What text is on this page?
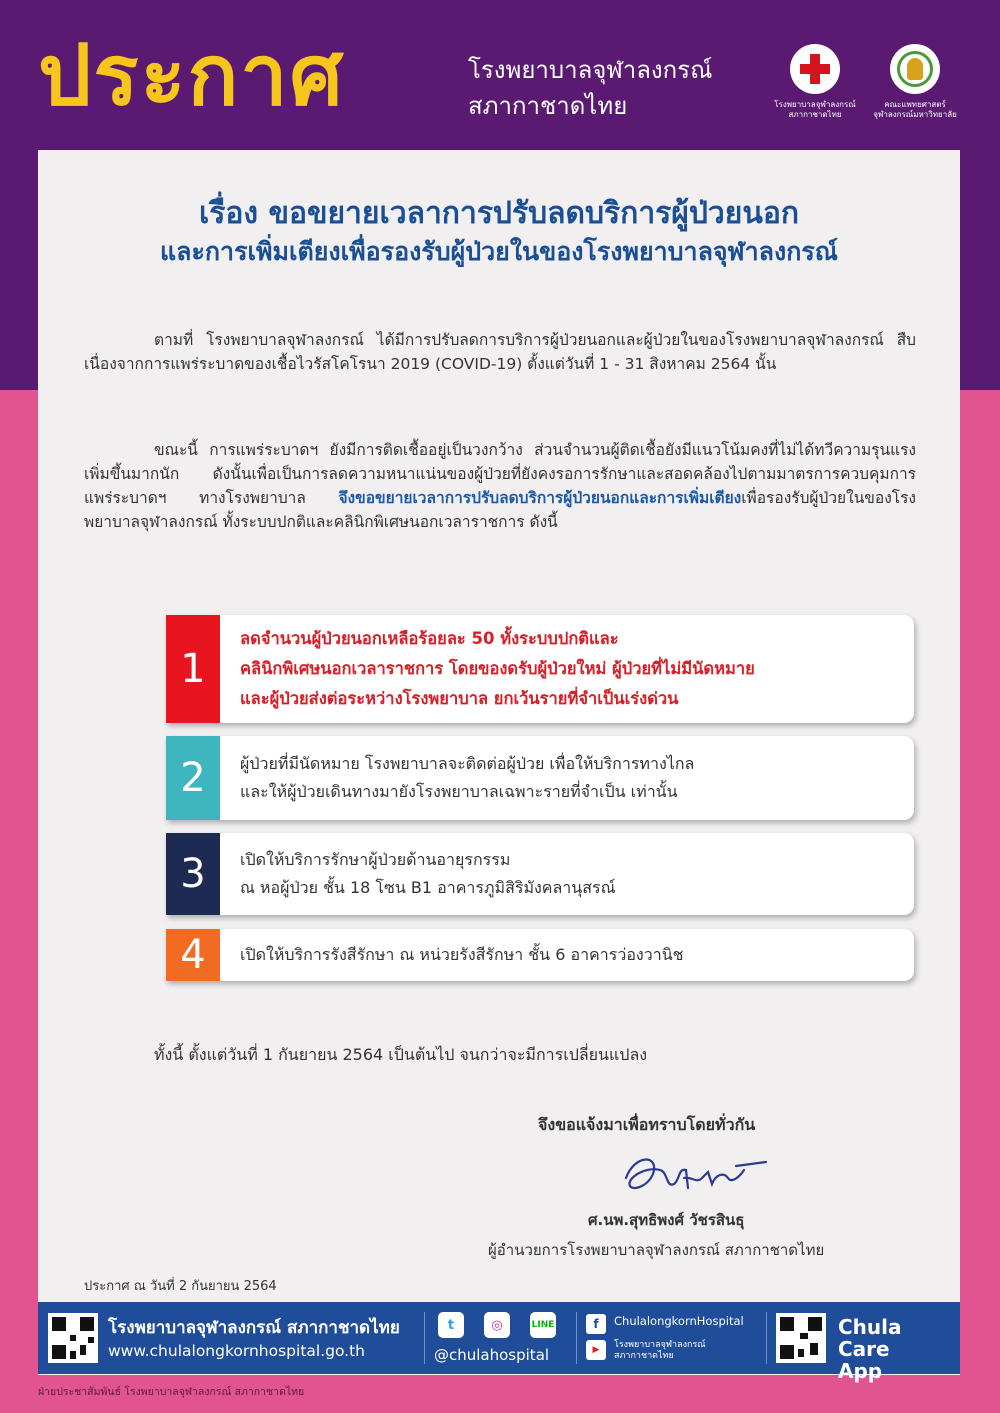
ประกาศ	โรงพยาบาลจุฬาลงกรณ์
สภากาชาดไทย	โรงพยาบาลจุฬาลงกรณ์
สภากาชาดไทย
คณะแพทยศาสตร์
จุฬาลงกรณ์มหาวิทยาลัย
เรื่อง ขอขยายเวลาการปรับลดบริการผู้ป่วยนอก
และการเพิ่มเตียงเพื่อรองรับผู้ป่วยในของโรงพยาบาลจุฬาลงกรณ์

ตามที่ โรงพยาบาลจุฬาลงกรณ์ ได้มีการปรับลดการบริการผู้ป่วยนอกและผู้ป่วยในของโรงพยาบาลจุฬาลงกรณ์ สืบเนื่องจากการแพร่ระบาดของเชื้อไวรัสโคโรนา 2019 (COVID-19) ตั้งแต่วันที่ 1 - 31 สิงหาคม 2564 นั้น

ขณะนี้ การแพร่ระบาดฯ ยังมีการติดเชื้ออยู่เป็นวงกว้าง ส่วนจำนวนผู้ติดเชื้อยังมีแนวโน้มคงที่ไม่ได้ทวีความรุนแรงเพิ่มขึ้นมากนัก ดังนั้นเพื่อเป็นการลดความหนาแน่นของผู้ป่วยที่ยังคงรอการรักษาและสอดคล้องไปตามมาตรการควบคุมการแพร่ระบาดฯ ทางโรงพยาบาล จึงขอขยายเวลาการปรับลดบริการผู้ป่วยนอกและการเพิ่มเตียงเพื่อรองรับผู้ป่วยในของโรงพยาบาลจุฬาลงกรณ์ ทั้งระบบปกติและคลินิกพิเศษนอกเวลาราชการ ดังนี้

1
ลดจำนวนผู้ป่วยนอกเหลือร้อยละ 50 ทั้งระบบปกติและ
คลินิกพิเศษนอกเวลาราชการ โดยของดรับผู้ป่วยใหม่ ผู้ป่วยที่ไม่มีนัดหมาย
และผู้ป่วยส่งต่อระหว่างโรงพยาบาล ยกเว้นรายที่จำเป็นเร่งด่วน
2	ผู้ป่วยที่มีนัดหมาย โรงพยาบาลจะติดต่อผู้ป่วย เพื่อให้บริการทางไกล
และให้ผู้ป่วยเดินทางมายังโรงพยาบาลเฉพาะรายที่จำเป็น เท่านั้น
3	เปิดให้บริการรักษาผู้ป่วยด้านอายุรกรรม
ณ หอผู้ป่วย ชั้น 18 โซน B1 อาคารภูมิสิริมังคลานุสรณ์
4	เปิดให้บริการรังสีรักษา ณ หน่วยรังสีรักษา ชั้น 6 อาคารว่องวานิช
ทั้งนี้ ตั้งแต่วันที่ 1 กันยายน 2564 เป็นต้นไป จนกว่าจะมีการเปลี่ยนแปลง
จึงขอแจ้งมาเพื่อทราบโดยทั่วกัน
ศ.นพ.สุทธิพงศ์ วัชรสินธุ
ผู้อำนวยการโรงพยาบาลจุฬาลงกรณ์ สภากาชาดไทย
ประกาศ ณ วันที่ 2 กันยายน 2564
โรงพยาบาลจุฬาลงกรณ์ สภากาชาดไทย
www.chulalongkornhospital.go.th
t	◎	LINE
@chulahospital
f	ChulalongkornHospital
▶	โรงพยาบาลจุฬาลงกรณ์
สภากาชาดไทย
Chula Care
App
ฝ่ายประชาสัมพันธ์ โรงพยาบาลจุฬาลงกรณ์ สภากาชาดไทย
